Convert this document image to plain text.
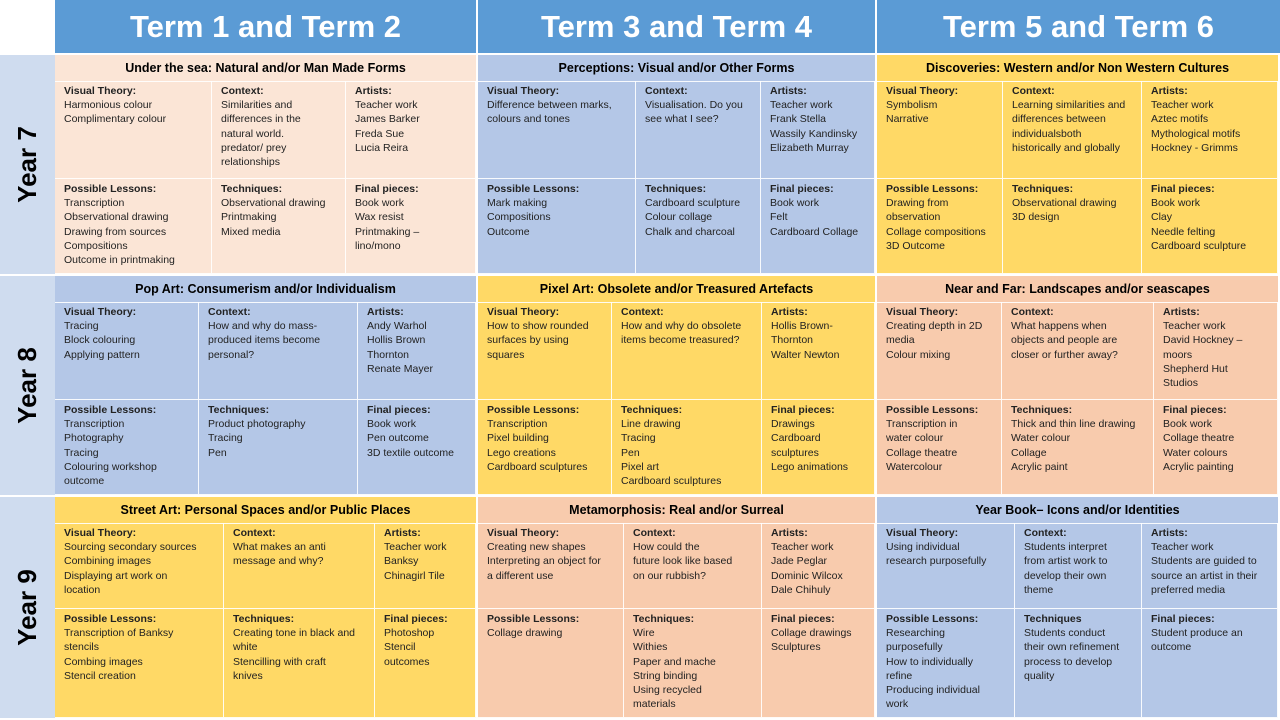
Term 1 and Term 2	Term 3 and Term 4	Term 5 and Term 6
Year 7
Year 8
Year 9
Under the sea: Natural and/or Man Made Forms
Visual Theory:
Harmonious colour
Complimentary colour
Context:
Similarities and
differences in the
natural world.
predator/ prey
relationships
Artists:
Teacher work
James Barker
Freda Sue
Lucia Reira
Possible Lessons:
Transcription
Observational drawing
Drawing from sources
Compositions
Outcome in printmaking
Techniques:
Observational drawing
Printmaking
Mixed media
Final pieces:
Book work
Wax resist
Printmaking –
lino/mono
Perceptions: Visual and/or Other Forms
Visual Theory:
Difference between marks,
colours and tones
Context:
Visualisation. Do you
see what I see?
Artists:
Teacher work
Frank Stella
Wassily Kandinsky
Elizabeth Murray
Possible Lessons:
Mark making
Compositions
Outcome
Techniques:
Cardboard sculpture
Colour collage
Chalk and charcoal
Final pieces:
Book work
Felt
Cardboard Collage
Discoveries: Western and/or Non Western Cultures
Visual Theory:
Symbolism
Narrative
Context:
Learning similarities and
differences between
individualsboth
historically and globally
Artists:
Teacher work
Aztec motifs
Mythological motifs
Hockney - Grimms
Possible Lessons:
Drawing from
observation
Collage compositions
3D Outcome
Techniques:
Observational drawing
3D design
Final pieces:
Book work
Clay
Needle felting
Cardboard sculpture
Pop Art: Consumerism and/or Individualism
Visual Theory:
Tracing
Block colouring
Applying pattern
Context:
How and why do mass-
produced items become
personal?
Artists:
Andy Warhol
Hollis Brown
Thornton
Renate Mayer
Possible Lessons:
Transcription
Photography
Tracing
Colouring workshop
outcome
Techniques:
Product photography
Tracing
Pen
Final pieces:
Book work
Pen outcome
3D textile outcome
Pixel Art: Obsolete and/or Treasured Artefacts
Visual Theory:
How to show rounded
surfaces by using
squares
Context:
How and why do obsolete
items become treasured?
Artists:
Hollis Brown-
Thornton
Walter Newton
Possible Lessons:
Transcription
Pixel building
Lego creations
Cardboard sculptures
Techniques:
Line drawing
Tracing
Pen
Pixel art
Cardboard sculptures
Final pieces:
Drawings
Cardboard
sculptures
Lego animations
Near and Far: Landscapes and/or seascapes
Visual Theory:
Creating depth in 2D
media
Colour mixing
Context:
What happens when
objects and people are
closer or further away?
Artists:
Teacher work
David Hockney –
moors
Shepherd Hut
Studios
Possible Lessons:
Transcription in
water colour
Collage theatre
Watercolour
Techniques:
Thick and thin line drawing
Water colour
Collage
Acrylic paint
Final pieces:
Book work
Collage theatre
Water colours
Acrylic painting
Street Art: Personal Spaces and/or Public Places
Visual Theory:
Sourcing secondary sources
Combining images
Displaying art work on
location
Context:
What makes an anti
message and why?
Artists:
Teacher work
Banksy
Chinagirl Tile
Possible Lessons:
Transcription of Banksy
stencils
Combing images
Stencil creation
Techniques:
Creating tone in black and
white
Stencilling with craft
knives
Final pieces:
Photoshop
Stencil
outcomes
Metamorphosis: Real and/or Surreal
Visual Theory:
Creating new shapes
Interpreting an object for
a different use
Context:
How could the
future look like based
on our rubbish?
Artists:
Teacher work
Jade Peglar
Dominic Wilcox
Dale Chihuly
Possible Lessons:
Collage drawing
Techniques:
Wire
Withies
Paper and mache
String binding
Using recycled
materials
Final pieces:
Collage drawings
Sculptures
Year Book– Icons and/or Identities
Visual Theory:
Using individual
research purposefully
Context:
Students interpret
from artist work to
develop their own
theme
Artists:
Teacher work
Students are guided to
source an artist in their
preferred media
Possible Lessons:
Researching
purposefully
How to individually
refine
Producing individual
work
Techniques
Students conduct
their own refinement
process to develop
quality
Final pieces:
Student produce an
outcome
